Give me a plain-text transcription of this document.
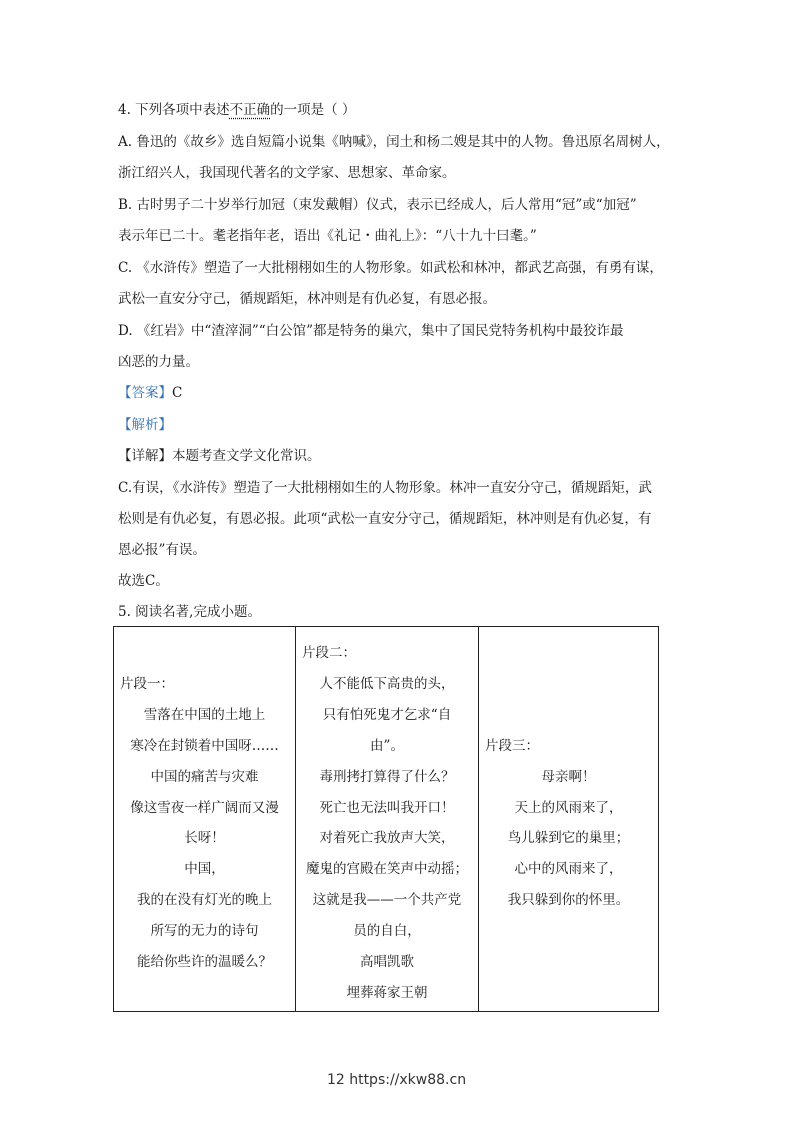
4. 下列各项中表述不正确的一项是（ ）
A. 鲁迅的《故乡》选自短篇小说集《呐喊》，闰土和杨二嫂是其中的人物。鲁迅原名周树人，
浙江绍兴人，我国现代著名的文学家、思想家、革命家。
B. 古时男子二十岁举行加冠（束发戴帽）仪式，表示已经成人，后人常用“冠”或“加冠”
表示年已二十。耄老指年老，语出《礼记・曲礼上》：“八十九十曰耄。”
C. 《水浒传》塑造了一大批栩栩如生的人物形象。如武松和林冲，都武艺高强，有勇有谋，
武松一直安分守己，循规蹈矩，林冲则是有仇必复，有恩必报。
D. 《红岩》中“渣滓洞”“白公馆”都是特务的巢穴，集中了国民党特务机构中最狡诈最
凶恶的力量。
【答案】C
【解析】
【详解】本题考查文学文化常识。
C.有误，《水浒传》塑造了一大批栩栩如生的人物形象。林冲一直安分守己，循规蹈矩，武
松则是有仇必复，有恩必报。此项“武松一直安分守己，循规蹈矩，林冲则是有仇必复，有
恩必报”有误。
故选C。
5. 阅读名著,完成小题。
片段一：
雪落在中国的土地上
寒冷在封锁着中国呀……
中国的痛苦与灾难
像这雪夜一样广阔而又漫
长呀！
中国，
我的在没有灯光的晚上
所写的无力的诗句
能给你些许的温暖么？

片段二：
人不能低下高贵的头，
只有怕死鬼才乞求“自
由”。
毒刑拷打算得了什么？
死亡也无法叫我开口！
对着死亡我放声大笑，
魔鬼的宫殿在笑声中动摇；
这就是我——一个共产党
员的自白，
高唱凯歌
埋葬蒋家王朝

片段三：
母亲啊！
天上的风雨来了，
鸟儿躲到它的巢里；
心中的风雨来了，
我只躲到你的怀里。
12 https://xkw88.cn
